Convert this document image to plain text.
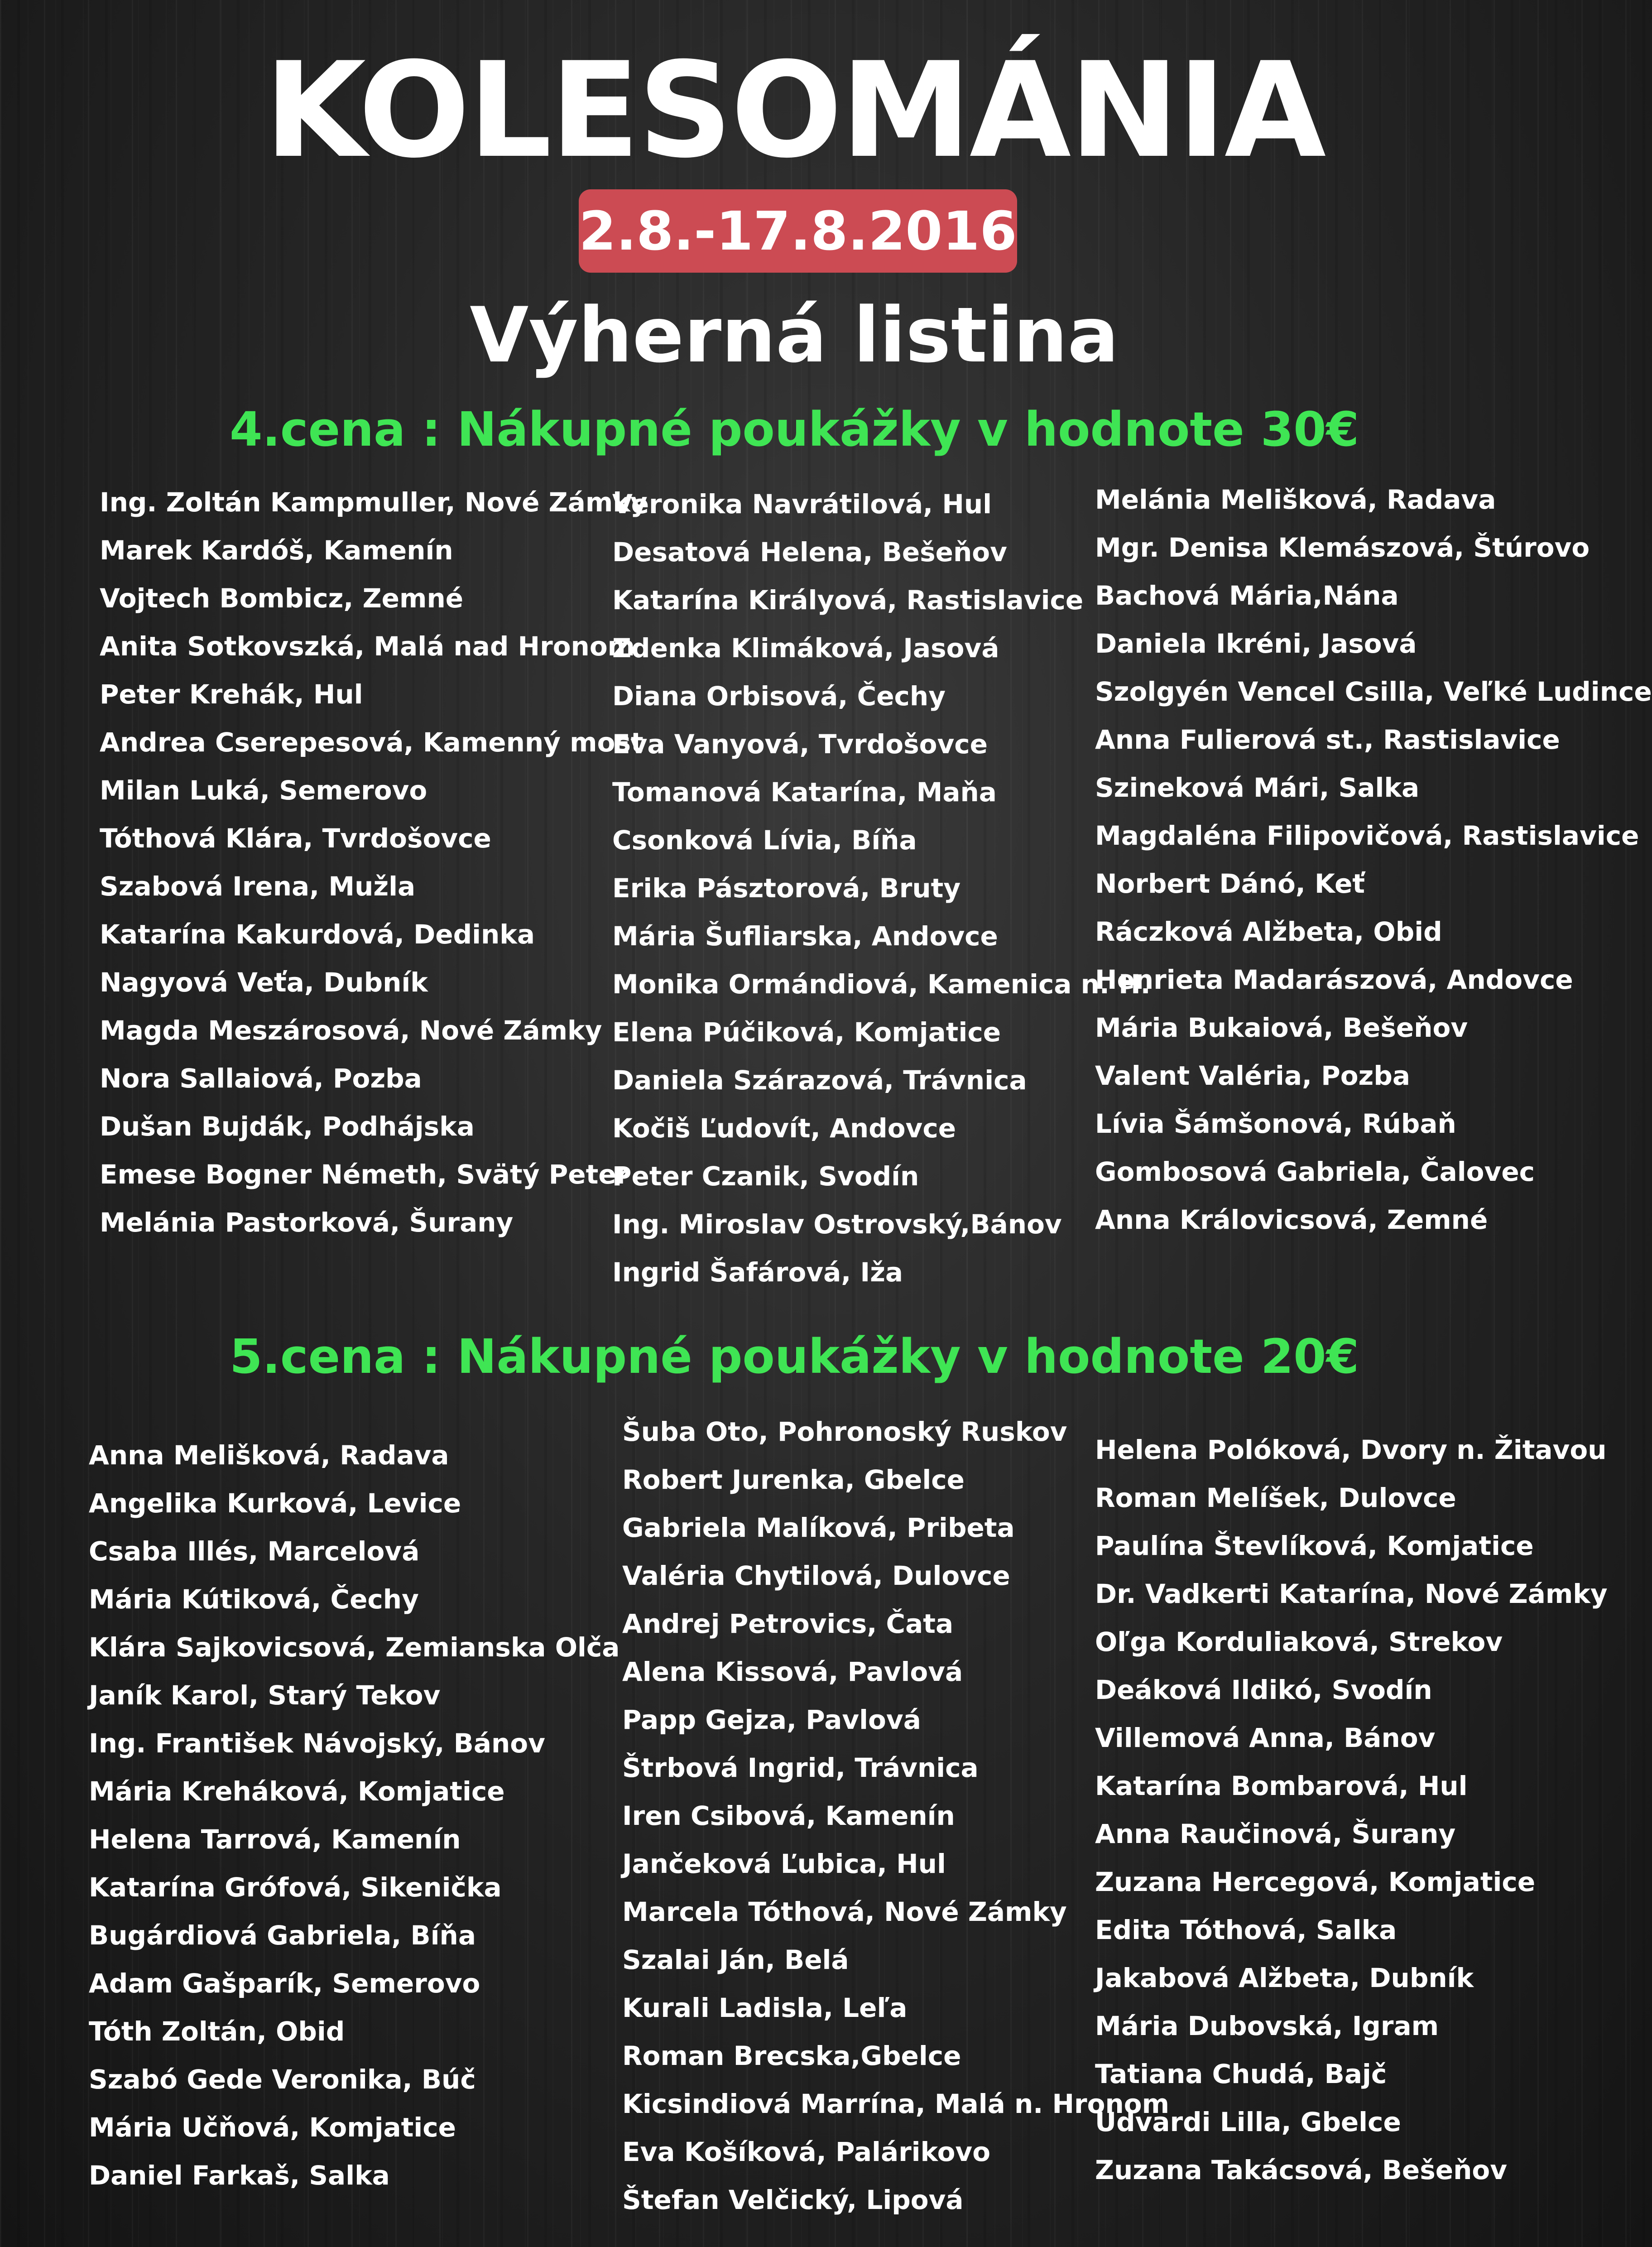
KOLESOMÁNIA
2.8.-17.8.2016
Výherná listina
4.cena : Nákupné poukážky v hodnote 30€
Ing. Zoltán Kampmuller, Nové Zámky
Marek Kardóš, Kamenín
Vojtech Bombicz, Zemné
Anita Sotkovszká, Malá nad Hronom
Peter Krehák, Hul
Andrea Cserepesová, Kamenný most
Milan Luká, Semerovo
Tóthová Klára, Tvrdošovce
Szabová Irena, Mužla
Katarína Kakurdová, Dedinka
Nagyová Veťa, Dubník
Magda Meszárosová, Nové Zámky
Nora Sallaiová, Pozba
Dušan Bujdák, Podhájska
Emese Bogner Németh, Svätý Peter
Melánia Pastorková, Šurany
Veronika Navrátilová, Hul
Desatová Helena, Bešeňov
Katarína Királyová, Rastislavice
Zdenka Klimáková, Jasová
Diana Orbisová, Čechy
Eva Vanyová, Tvrdošovce
Tomanová Katarína, Maňa
Csonková Lívia, Bíňa
Erika Pásztorová, Bruty
Mária Šufliarska, Andovce
Monika Ormándiová, Kamenica n. H.
Elena Púčiková, Komjatice
Daniela Szárazová, Trávnica
Kočiš Ľudovít, Andovce
Peter Czanik, Svodín
Ing. Miroslav Ostrovský,Bánov
Ingrid Šafárová, Iža
Melánia Melišková, Radava
Mgr. Denisa Klemászová, Štúrovo
Bachová Mária,Nána
Daniela Ikréni, Jasová
Szolgyén Vencel Csilla, Veľké Ludince
Anna Fulierová st., Rastislavice
Szineková Mári, Salka
Magdaléna Filipovičová, Rastislavice
Norbert Dánó, Keť
Ráczková Alžbeta, Obid
Henrieta Madarászová, Andovce
Mária Bukaiová, Bešeňov
Valent Valéria, Pozba
Lívia Šámšonová, Rúbaň
Gombosová Gabriela, Čalovec
Anna Královicsová, Zemné
5.cena : Nákupné poukážky v hodnote 20€
Anna Melišková, Radava
Angelika Kurková, Levice
Csaba Illés, Marcelová
Mária Kútiková, Čechy
Klára Sajkovicsová, Zemianska Olča
Janík Karol, Starý Tekov
Ing. František Návojský, Bánov
Mária Kreháková, Komjatice
Helena Tarrová, Kamenín
Katarína Grófová, Sikenička
Bugárdiová Gabriela, Bíňa
Adam Gašparík, Semerovo
Tóth Zoltán, Obid
Szabó Gede Veronika, Búč
Mária Učňová, Komjatice
Daniel Farkaš, Salka
Šuba Oto, Pohronoský Ruskov
Robert Jurenka, Gbelce
Gabriela Malíková, Pribeta
Valéria Chytilová, Dulovce
Andrej Petrovics, Čata
Alena Kissová, Pavlová
Papp Gejza, Pavlová
Štrbová Ingrid, Trávnica
Iren Csibová, Kamenín
Jančeková Ľubica, Hul
Marcela Tóthová, Nové Zámky
Szalai Ján, Belá
Kurali Ladisla, Leľa
Roman Brecska,Gbelce
Kicsindiová Marrína, Malá n. Hronom
Eva Košíková, Palárikovo
Štefan Velčický, Lipová
Helena Polóková, Dvory n. Žitavou
Roman Melíšek, Dulovce
Paulína Števlíková, Komjatice
Dr. Vadkerti Katarína, Nové Zámky
Oľga Korduliaková, Strekov
Deáková Ildikó, Svodín
Villemová Anna, Bánov
Katarína Bombarová, Hul
Anna Raučinová, Šurany
Zuzana Hercegová, Komjatice
Edita Tóthová, Salka
Jakabová Alžbeta, Dubník
Mária Dubovská, Igram
Tatiana Chudá, Bajč
Udvardi Lilla, Gbelce
Zuzana Takácsová, Bešeňov
